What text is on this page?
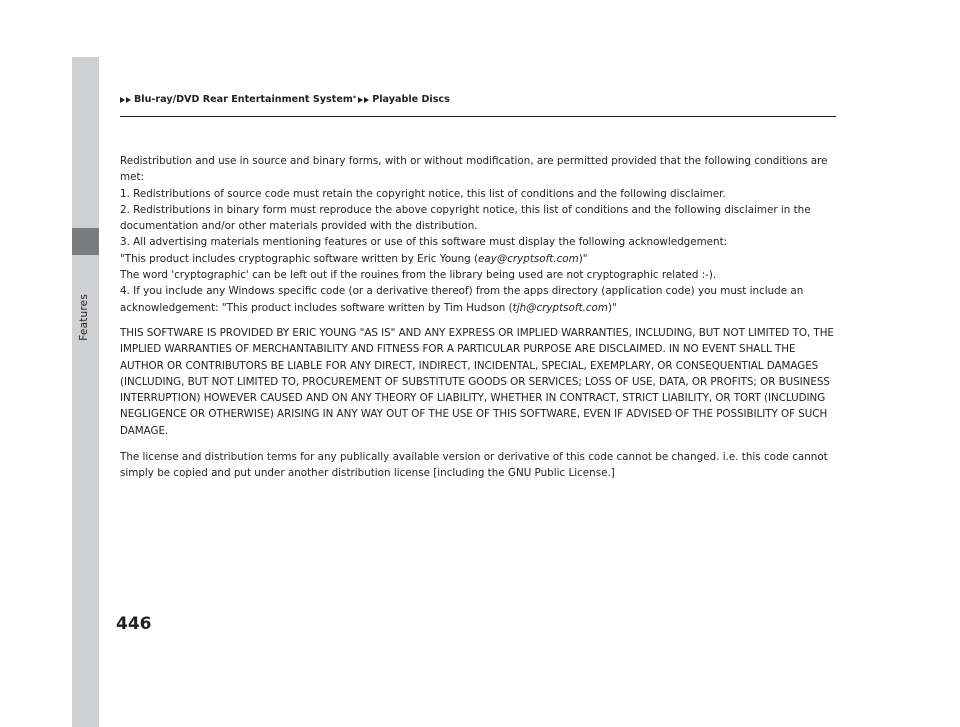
Features
Blu-ray/DVD Rear Entertainment System * Playable Discs

Redistribution and use in source and binary forms, with or without modification, are permitted provided that the following conditions are met:

1. Redistributions of source code must retain the copyright notice, this list of conditions and the following disclaimer.

2. Redistributions in binary form must reproduce the above copyright notice, this list of conditions and the following disclaimer in the documentation and/or other materials provided with the distribution.

3. All advertising materials mentioning features or use of this software must display the following acknowledgement:

"This product includes cryptographic software written by Eric Young (eay@cryptsoft.com)"

The word 'cryptographic' can be left out if the rouines from the library being used are not cryptographic related :-).

4. If you include any Windows specific code (or a derivative thereof) from the apps directory (application code) you must include an acknowledgement: "This product includes software written by Tim Hudson (tjh@cryptsoft.com)"

THIS SOFTWARE IS PROVIDED BY ERIC YOUNG "AS IS" AND ANY EXPRESS OR IMPLIED WARRANTIES, INCLUDING, BUT NOT LIMITED TO, THE IMPLIED WARRANTIES OF MERCHANTABILITY AND FITNESS FOR A PARTICULAR PURPOSE ARE DISCLAIMED. IN NO EVENT SHALL THE AUTHOR OR CONTRIBUTORS BE LIABLE FOR ANY DIRECT, INDIRECT, INCIDENTAL, SPECIAL, EXEMPLARY, OR CONSEQUENTIAL DAMAGES (INCLUDING, BUT NOT LIMITED TO, PROCUREMENT OF SUBSTITUTE GOODS OR SERVICES; LOSS OF USE, DATA, OR PROFITS; OR BUSINESS INTERRUPTION) HOWEVER CAUSED AND ON ANY THEORY OF LIABILITY, WHETHER IN CONTRACT, STRICT LIABILITY, OR TORT (INCLUDING NEGLIGENCE OR OTHERWISE) ARISING IN ANY WAY OUT OF THE USE OF THIS SOFTWARE, EVEN IF ADVISED OF THE POSSIBILITY OF SUCH DAMAGE.

The license and distribution terms for any publically available version or derivative of this code cannot be changed. i.e. this code cannot simply be copied and put under another distribution license [including the GNU Public License.]

446
